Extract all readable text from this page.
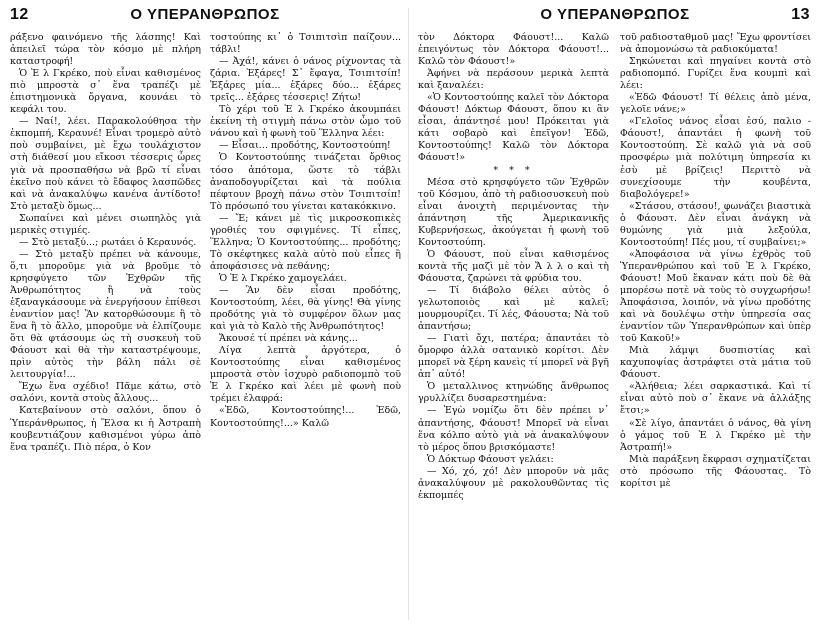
12	Ο ΥΠΕΡΑΝΘΡΩΠΟΣ

ράξενο φαινόμενο τῆς λάσπης! Καὶ ἀπειλεῖ τώρα τὸν κόσμο μὲ πλήρη καταστροφή!

Ὁ Ἐ λ Γκρέκο, ποὺ εἶναι καθισμένος πιὸ μπροστὰ σ᾿ ἕνα τραπέζι μὲ ἐπιστημονικὰ ὄργανα, κουνάει τὸ κεφάλι του.

— Ναί!, λέει. Παρακολούθησα τὴν ἐκπομπή, Κεραυνέ! Εἶναι τρομερὸ αὐτὸ ποὺ συμβαίνει, μὲ ἔχω τουλάχιστον στὴ διάθεσί μου εἴκοσι τέσσερις ὧρες γιὰ νὰ προσπαθήσω νὰ βρῶ τί εἶναι ἐκεῖνο ποὺ κάνει τὸ ἔδαφος λασπῶδες καὶ νὰ ἀνακαλύψω κανένα ἀντίδοτο! Στὸ μεταξὺ ὅμως...

Σωπαίνει καὶ μένει σιωπηλὸς γιὰ μερικὲς στιγμές.

— Στὸ μεταξύ...; ρωτάει ὁ Κεραυνός.

— Στὸ μεταξὺ πρέπει νὰ κάνουμε, ὅ,τι μποροῦμε γιὰ νὰ βροῦμε τὸ κρησφύγετο τῶν Ἐχθρῶν τῆς Ἀνθρωπότητος ἢ νὰ τοὺς ἐξαναγκάσουμε νὰ ἐνεργήσουν ἐπίθεσι ἐναντίον μας! Ἂν κατορθώσουμε ἢ τὸ ἕνα ἢ τὸ ἄλλο, μποροῦμε νὰ ἐλπίζουμε ὅτι θὰ φτάσουμε ὡς τὴ συσκευὴ τοῦ Φάουστ καὶ θὰ τὴν καταστρέψουμε, πρὶν αὐτὸς τὴν βάλη πάλι σὲ λειτουργία!...

Ἔχω ἕνα σχέδιο! Πᾶμε κάτω, στὸ σαλόνι, κοντὰ στοὺς ἄλλους...

Κατεβαίνουν στὸ σαλόνι, ὅπου ὁ Ὑπεράνθρωπος, ἡ Ἔλσα κι ἡ Ἀστραπὴ κουβεντιάζουν καθισμένοι γύρω ἀπὸ ἕνα τραπέζι. Πιὸ πέρα, ὁ Κον

τοστούπης κι᾿ ὁ Τσιπιτσὶπ παίζουν... τάβλι!

— Ἀχά!, κάνει ὁ νάνος ρίχνοντας τὰ ζάρια. Ἑξάρες! Σ᾿ ἔφαγα, Τσιπιτσίπ! Ἑξάρες μία... ἑξάρες δύο... ἑξάρες τρεῖς... ἑξάρες τέσσερις! Ζήτω!

Τὸ χέρι τοῦ Ἐ λ Γκρέκο ἀκουμπάει ἐκείνη τὴ στιγμὴ πάνω στὸν ὦμο τοῦ νάνου καὶ ἡ φωνὴ τοῦ Ἕλληνα λέει:

— Εἶσαι... προδότης, Κοντοστούπη!

Ὁ Κοντοστούπης τινάζεται ὄρθιος τόσο ἀπότομα, ὥστε τὸ τάβλι ἀναποδογυρίζεται καὶ τὰ πούλια πέφτουν βροχὴ πάνω στὸν Τσιπιτσίπ! Τὸ πρόσωπό του γίνεται κατακόκκινο.

— Ἔ; κάνει μὲ τὶς μικροσκοπικὲς γροθιές του σφιγμένες. Τί εἶπες, Ἕλληνα; Ὁ Κοντοστούπης... προδότης; Τὸ σκέφτηκες καλὰ αὐτὸ ποὺ εἶπες ἢ ἀποφάσισες νὰ πεθάνης;

Ὁ Ἐ λ Γκρέκο χαμογελάει.

— Ἂν δὲν εἶσαι προδότης, Κοντοστούπη, λέει, θὰ γίνης! Θὰ γίνης προδότης γιὰ τὸ συμφέρον ὅλων μας καὶ γιὰ τὸ Καλὸ τῆς Ἀνθρωπότητος!

Ἄκουσέ τί πρέπει νὰ κάνης...

Λίγα λεπτὰ ἀργότερα, ὁ Κοντοστούπης εἶναι καθισμένος μπροστὰ στὸν ἰσχυρὸ ραδιοπομπὸ τοῦ Ἐ λ Γκρέκο καὶ λέει μὲ φωνὴ ποὺ τρέμει ἐλαφρά:

«Ἐδῶ, Κοντοστούπης!... Ἐδῶ, Κοντοστούπης!...» Καλῶ

Ο ΥΠΕΡΑΝΘΡΩΠΟΣ	13

τὸν Δόκτορα Φάουστ!... Καλῶ ἐπειγόντως τὸν Δόκτορα Φάουστ!... Καλῶ τὸν Φάουστ!»

Ἀφήνει νὰ περάσουν μερικὰ λεπτὰ καὶ ξαναλέει:

«Ὁ Κοντοστούπης καλεῖ τὸν Δόκτορα Φάουστ! Δόκτωρ Φάουστ, ὅπου κι ἂν εἶσαι, ἀπάντησέ μου! Πρόκειται γιὰ κάτι σοβαρὸ καὶ ἐπεῖγον! Ἐδῶ, Κοντοστούπης! Καλῶ τὸν Δόκτορα Φάουστ!»

* * *

Μέσα στὸ κρησφύγετο τῶν Ἐχθρῶν τοῦ Κόσμου, ἀπὸ τὴ ραδιοσυσκευὴ ποὺ εἶναι ἀνοιχτὴ περιμένοντας τὴν ἀπάντηση τῆς Ἀμερικανικῆς Κυβερνήσεως, ἀκούγεται ἡ φωνὴ τοῦ Κοντοστούπη.

Ὁ Φάουστ, ποὺ εἶναι καθισμένος κοντὰ τῆς μαζὶ μὲ τὸν Ἄ λ λ ο καὶ τὴ Φάουστα, ζαρώνει τὰ φρύδια του.

— Τί διάβολο θέλει αὐτὸς ὁ γελωτοποιὸς καὶ μὲ καλεῖ; μουρμουρίζει. Τί λές, Φάουστα; Νὰ τοῦ ἀπαντήσω;

— Γιατὶ ὄχι, πατέρα; ἀπαντάει τὸ ὄμορφο ἀλλὰ σατανικὸ κορίτσι. Δὲν μπορεῖ νὰ ξέρη κανεὶς τί μπορεῖ νὰ βγῆ ἀπ᾿ αὐτό!

Ὁ μεταλλινος κτηνώδης ἄνθρωπος γρυλλίζει δυσαρεστημένα:

— Ἐγὼ νομίζω ὅτι δὲν πρέπει ν᾿ ἀπαντήσης, Φάουστ! Μπορεῖ νὰ εἶναι ἕνα κόλπο αὐτὸ γιὰ νὰ ἀνακαλύψουν τὸ μέρος ὅπου βρισκόμαστε!

Ὁ Δόκτωρ Φάουστ γελάει:

— Χό, χό, χό! Δὲν μποροῦν νὰ μᾶς ἀνακαλύψουν μὲ ρακολουθῶντας τὶς ἐκπομπές

τοῦ ραδιοσταθμοῦ μας! Ἔχω φροντίσει νὰ ἀπομονώσω τὰ ραδιοκύματα!

Σηκώνεται καὶ πηγαίνει κοντὰ στὸ ραδιοπομπό. Γυρίζει ἕνα κουμπὶ καὶ λέει:

«Ἐδῶ Φάουστ! Τί θέλεις ἀπὸ μένα, γελοῖε νάνε;»

«Γελοῖος νάνος εἶσαι ἐσύ, παλιο - Φάουστ!, ἀπαντάει ἡ φωνὴ τοῦ Κοντοστούπη. Σὲ καλῶ γιὰ νὰ σοῦ προσφέρω μιὰ πολύτιμη ὑπηρεσία κι ἐσὺ μὲ βρίζεις! Περιττὸ νὰ συνεχίσουμε τὴν κουβέντα, διαβολόγερε!»

«Στάσου, στάσου!, φωνάζει βιαστικὰ ὁ Φάουστ. Δὲν εἶναι ἀνάγκη νὰ θυμώνης γιὰ μιὰ λεξούλα, Κοντοστούπη! Πές μου, τί συμβαίνει;»

«Ἀποφάσισα νὰ γίνω ἐχθρὸς τοῦ Ὑπερανθρώπου καὶ τοῦ Ἐ λ Γκρέκο, Φάουστ! Μοῦ ἔκαναν κάτι ποὺ δὲ θὰ μπορέσω ποτὲ νὰ τοὺς τὸ συγχωρήσω! Ἀποφάσισα, λοιπόν, νὰ γίνω προδότης καὶ νὰ δουλέψω στὴν ὑπηρεσία σας ἐναντίον τῶν Ὑπερανθρώπων καὶ ὑπὲρ τοῦ Κακοῦ!»

Μιὰ λάμψι δυσπιστίας καὶ καχυποψίας ἀστράφτει στὰ μάτια τοῦ Φάουστ.

«Ἀλήθεια; λέει σαρκαστικά. Καὶ τί εἶναι αὐτὸ ποὺ σ᾿ ἔκανε νὰ ἀλλάξης ἔτσι;»

«Σὲ λίγο, ἀπαντάει ὁ νάνος, θὰ γίνη ὁ γάμος τοῦ Ἐ λ Γκρέκο μὲ τὴν Ἀστραπή!»

Μιὰ παράξενη ἔκφρασι σχηματίζεται στὸ πρόσωπο τῆς Φάουστας. Τὸ κορίτσι μὲ
